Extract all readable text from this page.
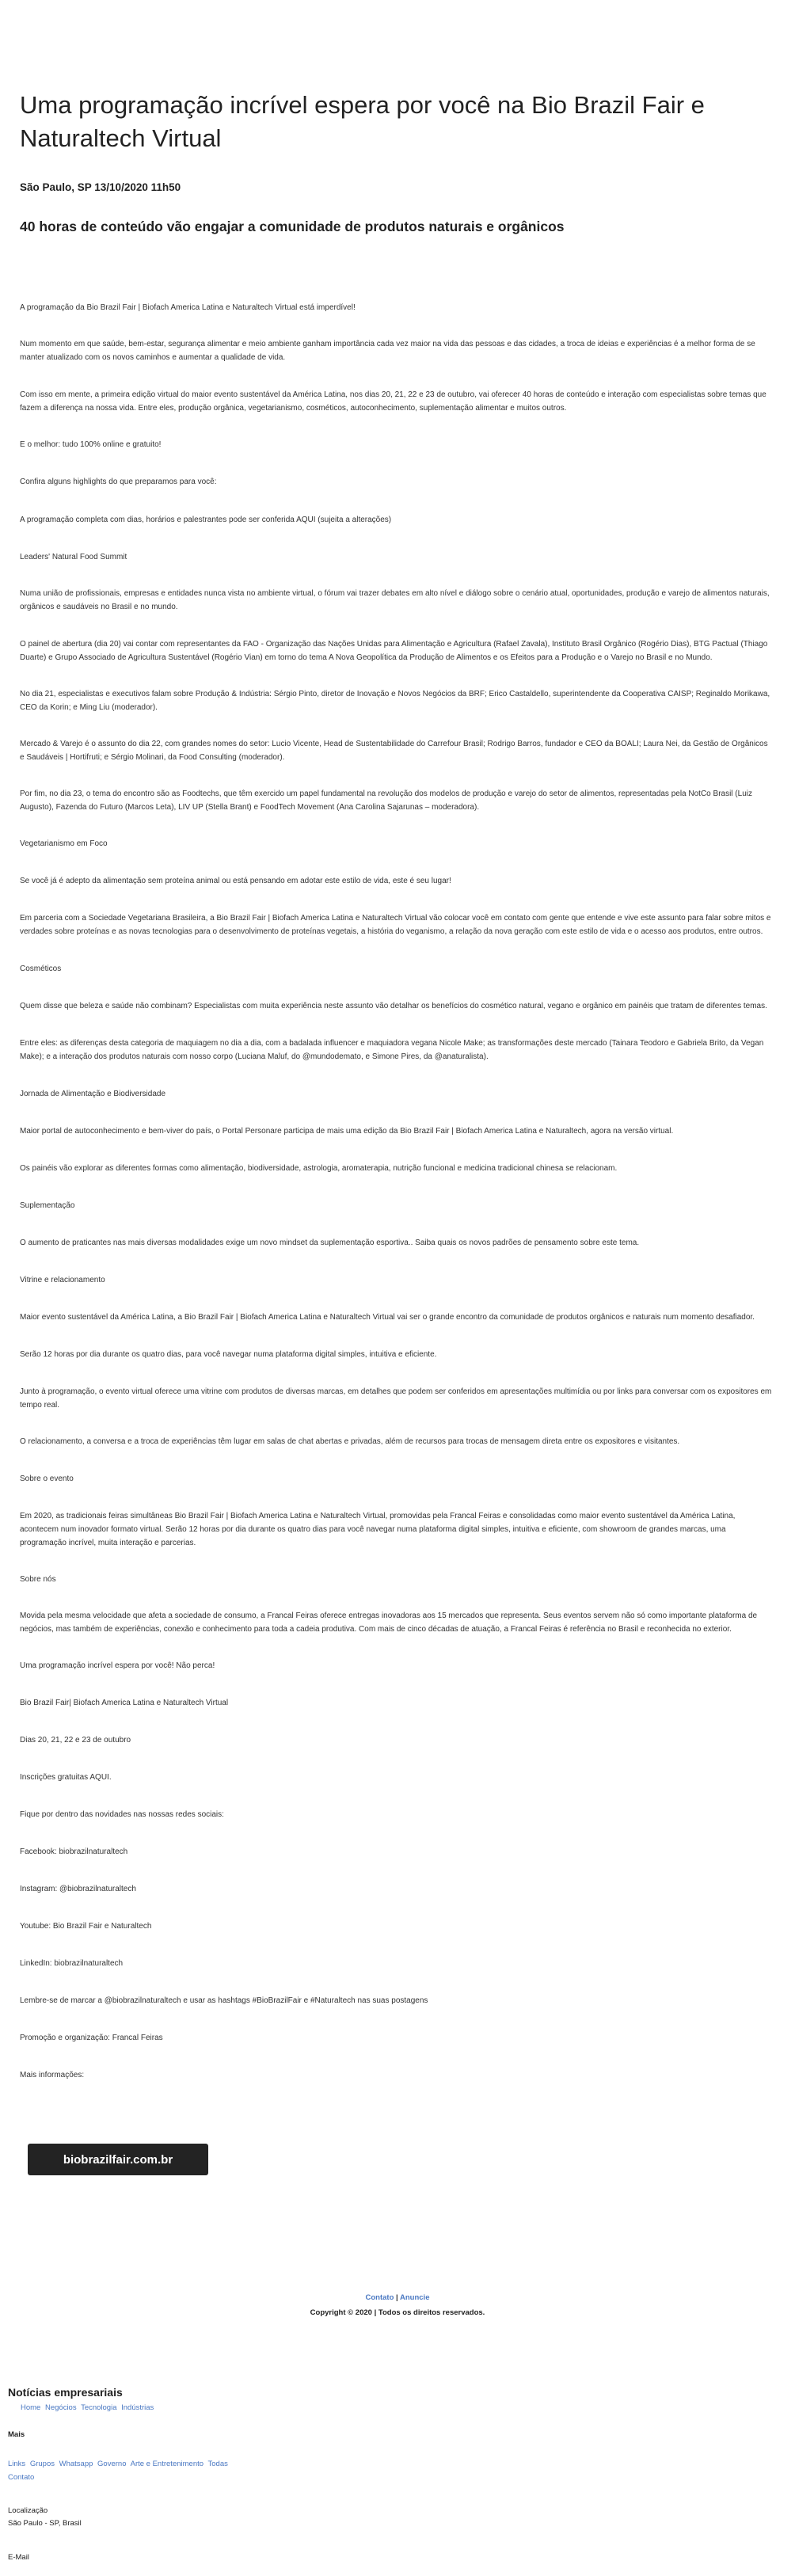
Uma programação incrível espera por você na Bio Brazil Fair e Naturaltech Virtual
São Paulo, SP 13/10/2020 11h50
40 horas de conteúdo vão engajar a comunidade de produtos naturais e orgânicos

A programação da Bio Brazil Fair | Biofach America Latina e Naturaltech Virtual está imperdível!

Num momento em que saúde, bem-estar, segurança alimentar e meio ambiente ganham importância cada vez maior na vida das pessoas e das cidades, a troca de ideias e experiências é a melhor forma de se manter atualizado com os novos caminhos e aumentar a qualidade de vida.

Com isso em mente, a primeira edição virtual do maior evento sustentável da América Latina, nos dias 20, 21, 22 e 23 de outubro, vai oferecer 40 horas de conteúdo e interação com especialistas sobre temas que fazem a diferença na nossa vida. Entre eles, produção orgânica, vegetarianismo, cosméticos, autoconhecimento, suplementação alimentar e muitos outros.

E o melhor: tudo 100% online e gratuito!

Confira alguns highlights do que preparamos para você:

A programação completa com dias, horários e palestrantes pode ser conferida AQUI (sujeita a alterações)

Leaders' Natural Food Summit

Numa união de profissionais, empresas e entidades nunca vista no ambiente virtual, o fórum vai trazer debates em alto nível e diálogo sobre o cenário atual, oportunidades, produção e varejo de alimentos naturais, orgânicos e saudáveis no Brasil e no mundo.

O painel de abertura (dia 20) vai contar com representantes da FAO - Organização das Nações Unidas para Alimentação e Agricultura (Rafael Zavala), Instituto Brasil Orgânico (Rogério Dias), BTG Pactual (Thiago Duarte) e Grupo Associado de Agricultura Sustentável (Rogério Vian) em torno do tema A Nova Geopolítica da Produção de Alimentos e os Efeitos para a Produção e o Varejo no Brasil e no Mundo.

No dia 21, especialistas e executivos falam sobre Produção & Indústria: Sérgio Pinto, diretor de Inovação e Novos Negócios da BRF; Erico Castaldello, superintendente da Cooperativa CAISP; Reginaldo Morikawa, CEO da Korin; e Ming Liu (moderador).

Mercado & Varejo é o assunto do dia 22, com grandes nomes do setor: Lucio Vicente, Head de Sustentabilidade do Carrefour Brasil; Rodrigo Barros, fundador e CEO da BOALI; Laura Nei, da Gestão de Orgânicos e Saudáveis | Hortifruti; e Sérgio Molinari, da Food Consulting (moderador).

Por fim, no dia 23, o tema do encontro são as Foodtechs, que têm exercido um papel fundamental na revolução dos modelos de produção e varejo do setor de alimentos, representadas pela NotCo Brasil (Luiz Augusto), Fazenda do Futuro (Marcos Leta), LIV UP (Stella Brant) e FoodTech Movement (Ana Carolina Sajarunas – moderadora).

Vegetarianismo em Foco

Se você já é adepto da alimentação sem proteína animal ou está pensando em adotar este estilo de vida, este é seu lugar!

Em parceria com a Sociedade Vegetariana Brasileira, a Bio Brazil Fair | Biofach America Latina e Naturaltech Virtual vão colocar você em contato com gente que entende e vive este assunto para falar sobre mitos e verdades sobre proteínas e as novas tecnologias para o desenvolvimento de proteínas vegetais, a história do veganismo, a relação da nova geração com este estilo de vida e o acesso aos produtos, entre outros.

Cosméticos

Quem disse que beleza e saúde não combinam? Especialistas com muita experiência neste assunto vão detalhar os benefícios do cosmético natural, vegano e orgânico em painéis que tratam de diferentes temas.

Entre eles: as diferenças desta categoria de maquiagem no dia a dia, com a badalada influencer e maquiadora vegana Nicole Make; as transformações deste mercado (Tainara Teodoro e Gabriela Brito, da Vegan Make); e a interação dos produtos naturais com nosso corpo (Luciana Maluf, do @mundodemato, e Simone Pires, da @anaturalista).

Jornada de Alimentação e Biodiversidade

Maior portal de autoconhecimento e bem-viver do país, o Portal Personare participa de mais uma edição da Bio Brazil Fair | Biofach America Latina e Naturaltech, agora na versão virtual.

Os painéis vão explorar as diferentes formas como alimentação, biodiversidade, astrologia, aromaterapia, nutrição funcional e medicina tradicional chinesa se relacionam.

Suplementação

O aumento de praticantes nas mais diversas modalidades exige um novo mindset da suplementação esportiva.. Saiba quais os novos padrões de pensamento sobre este tema.

Vitrine e relacionamento

Maior evento sustentável da América Latina, a Bio Brazil Fair | Biofach America Latina e Naturaltech Virtual vai ser o grande encontro da comunidade de produtos orgânicos e naturais num momento desafiador.

Serão 12 horas por dia durante os quatro dias, para você navegar numa plataforma digital simples, intuitiva e eficiente.

Junto à programação, o evento virtual oferece uma vitrine com produtos de diversas marcas, em detalhes que podem ser conferidos em apresentações multimídia ou por links para conversar com os expositores em tempo real.

O relacionamento, a conversa e a troca de experiências têm lugar em salas de chat abertas e privadas, além de recursos para trocas de mensagem direta entre os expositores e visitantes.

Sobre o evento

Em 2020, as tradicionais feiras simultâneas Bio Brazil Fair | Biofach America Latina e Naturaltech Virtual, promovidas pela Francal Feiras e consolidadas como maior evento sustentável da América Latina, acontecem num inovador formato virtual. Serão 12 horas por dia durante os quatro dias para você navegar numa plataforma digital simples, intuitiva e eficiente, com showroom de grandes marcas, uma programação incrível, muita interação e parcerias.

Sobre nós

Movida pela mesma velocidade que afeta a sociedade de consumo, a Francal Feiras oferece entregas inovadoras aos 15 mercados que representa. Seus eventos servem não só como importante plataforma de negócios, mas também de experiências, conexão e conhecimento para toda a cadeia produtiva. Com mais de cinco décadas de atuação, a Francal Feiras é referência no Brasil e reconhecida no exterior.

Uma programação incrível espera por você! Não perca!

Bio Brazil Fair| Biofach America Latina e Naturaltech Virtual

Dias 20, 21, 22 e 23 de outubro

Inscrições gratuitas AQUI.

Fique por dentro das novidades nas nossas redes sociais:

Facebook: biobrazilnaturaltech

Instagram: @biobrazilnaturaltech

Youtube: Bio Brazil Fair e Naturaltech

LinkedIn: biobrazilnaturaltech

Lembre-se de marcar a @biobrazilnaturaltech e usar as hashtags #BioBrazilFair e #Naturaltech nas suas postagens

Promoção e organização: Francal Feiras

Mais informações:

biobrazilfair.com.br
Contato | Anuncie
Copyright © 2020 | Todos os direitos reservados.
Notícias empresariais
Home Negócios Tecnologia Indústrias
Mais
Links Grupos Whatsapp Governo Arte e Entretenimento Todas
Contato
Localização
São Paulo - SP, Brasil
E-Mail
